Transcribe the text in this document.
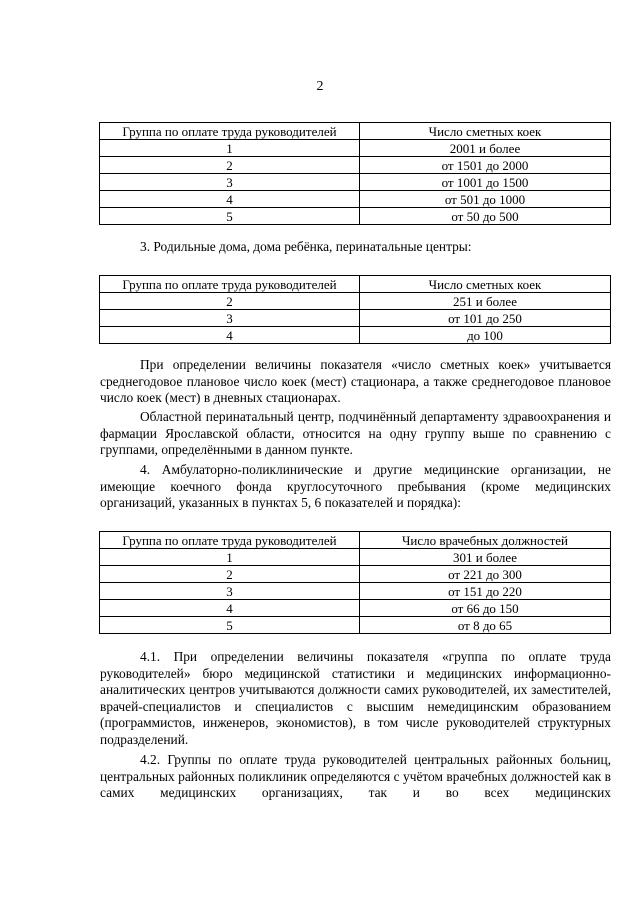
2
Группа по оплате труда руководителей	Число сметных коек
1	2001 и более
2	от 1501 до 2000
3	от 1001 до 1500
4	от 501 до 1000
5	от 50 до 500

3. Родильные дома, дома ребёнка, перинатальные центры:

Группа по оплате труда руководителей	Число сметных коек
2	251 и более
3	от 101 до 250
4	до 100

При определении величины показателя «число сметных коек» учитывается среднегодовое плановое число коек (мест) стационара, а также среднегодовое плановое число коек (мест) в дневных стационарах.

Областной перинатальный центр, подчинённый департаменту здравоохранения и фармации Ярославской области, относится на одну группу выше по сравнению с группами, определёнными в данном пункте.

4. Амбулаторно-поликлинические и другие медицинские организации, не имеющие коечного фонда круглосуточного пребывания (кроме медицинских организаций, указанных в пунктах 5, 6 показателей и порядка):

Группа по оплате труда руководителей	Число врачебных должностей
1	301 и более
2	от 221 до 300
3	от 151 до 220
4	от 66 до 150
5	от 8 до 65

4.1. При определении величины показателя «группа по оплате труда руководителей» бюро медицинской статистики и медицинских информационно-аналитических центров учитываются должности самих руководителей, их заместителей, врачей-специалистов и специалистов с высшим немедицинским образованием (программистов, инженеров, экономистов), в том числе руководителей структурных подразделений.

4.2. Группы по оплате труда руководителей центральных районных больниц, центральных районных поликлиник определяются с учётом врачебных должностей как в самих медицинских организациях, так и во всех медицинских
